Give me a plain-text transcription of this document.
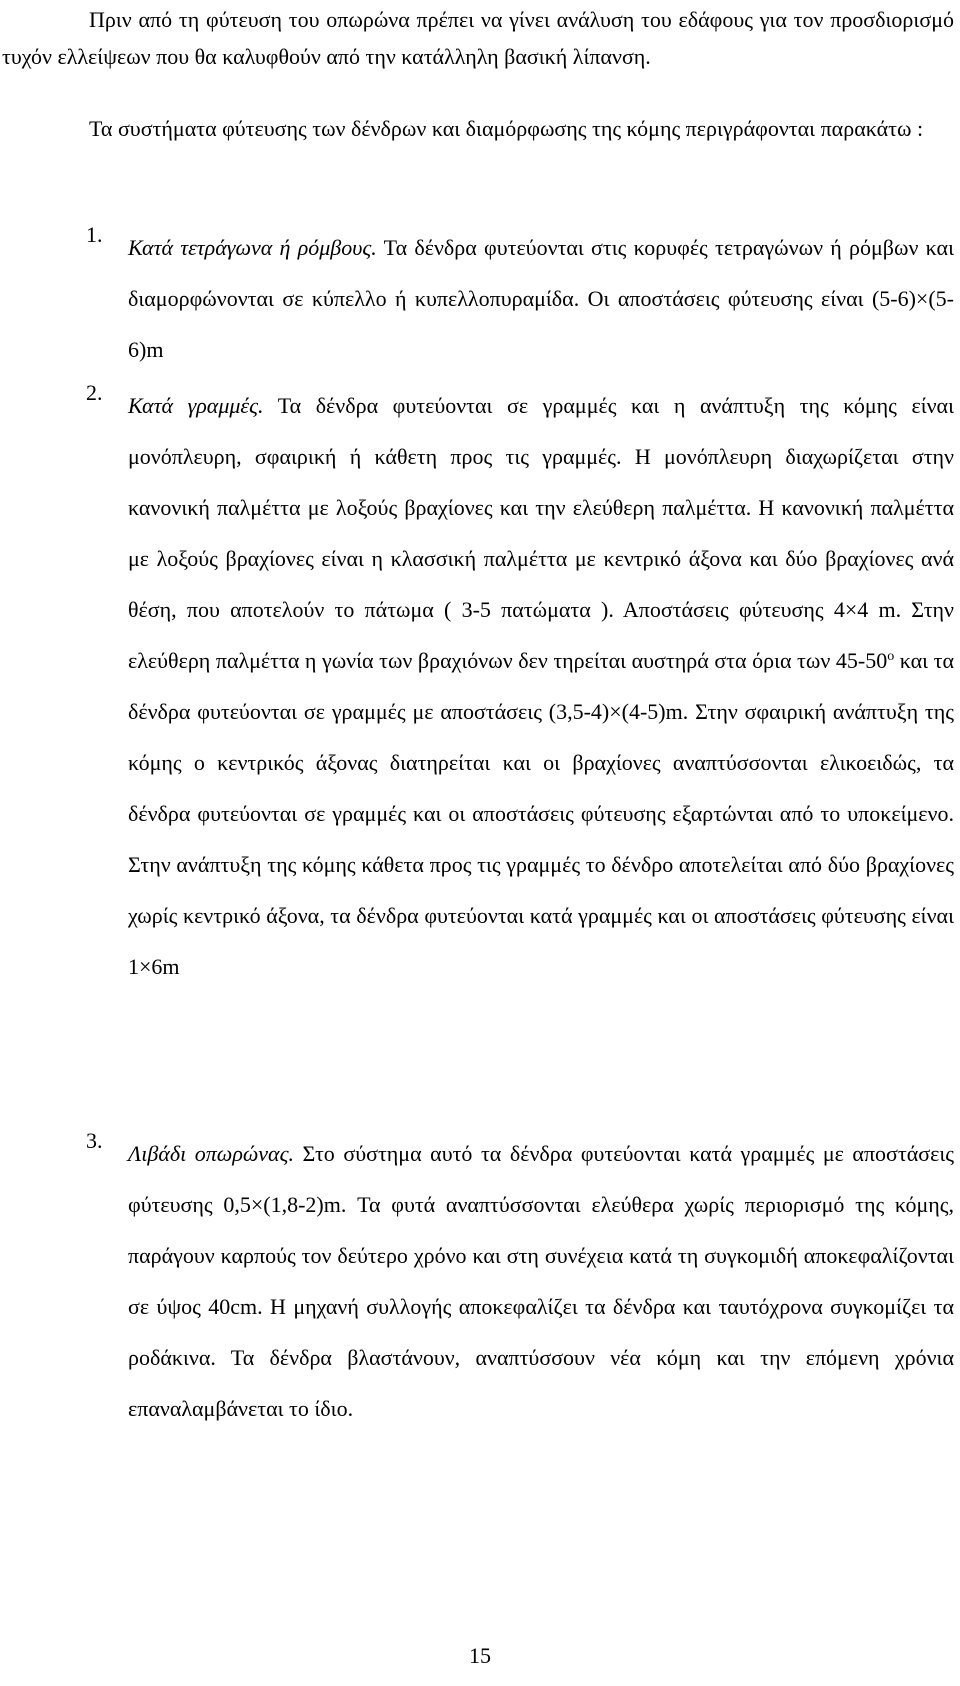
Πριν από τη φύτευση του οπωρώνα πρέπει να γίνει ανάλυση του εδάφους για τον προσδιορισμό τυχόν ελλείψεων που θα καλυφθούν από την κατάλληλη βασική λίπανση.

Τα συστήματα φύτευσης των δένδρων και διαμόρφωσης της κόμης περιγράφονται παρακάτω :

1.

Κατά τετράγωνα ή ρόμβους. Τα δένδρα φυτεύονται στις κορυφές τετραγώνων ή ρόμβων και διαμορφώνονται σε κύπελλο ή κυπελλοπυραμίδα. Οι αποστάσεις φύτευσης είναι (5-6)×(5-6)m

2.

Κατά γραμμές. Τα δένδρα φυτεύονται σε γραμμές και η ανάπτυξη της κόμης είναι μονόπλευρη, σφαιρική ή κάθετη προς τις γραμμές. Η μονόπλευρη διαχωρίζεται στην κανονική παλμέττα με λοξούς βραχίονες και την ελεύθερη παλμέττα. Η κανονική παλμέττα με λοξούς βραχίονες είναι η κλασσική παλμέττα με κεντρικό άξονα και δύο βραχίονες ανά θέση, που αποτελούν το πάτωμα ( 3-5 πατώματα ). Αποστάσεις φύτευσης 4×4 m. Στην ελεύθερη παλμέττα η γωνία των βραχιόνων δεν τηρείται αυστηρά στα όρια των 45-50$^o$ και τα δένδρα φυτεύονται σε γραμμές με αποστάσεις (3,5-4)×(4-5)m. Στην σφαιρική ανάπτυξη της κόμης ο κεντρικός άξονας διατηρείται και οι βραχίονες αναπτύσσονται ελικοειδώς, τα δένδρα φυτεύονται σε γραμμές και οι αποστάσεις φύτευσης εξαρτώνται από το υποκείμενο. Στην ανάπτυξη της κόμης κάθετα προς τις γραμμές το δένδρο αποτελείται από δύο βραχίονες χωρίς κεντρικό άξονα, τα δένδρα φυτεύονται κατά γραμμές και οι αποστάσεις φύτευσης είναι 1×6m

3.

Λιβάδι οπωρώνας. Στο σύστημα αυτό τα δένδρα φυτεύονται κατά γραμμές με αποστάσεις φύτευσης 0,5×(1,8-2)m. Τα φυτά αναπτύσσονται ελεύθερα χωρίς περιορισμό της κόμης, παράγουν καρπούς τον δεύτερο χρόνο και στη συνέχεια κατά τη συγκομιδή αποκεφαλίζονται σε ύψος 40cm. Η μηχανή συλλογής αποκεφαλίζει τα δένδρα και ταυτόχρονα συγκομίζει τα ροδάκινα. Τα δένδρα βλαστάνουν, αναπτύσσουν νέα κόμη και την επόμενη χρόνια επαναλαμβάνεται το ίδιο.

15
